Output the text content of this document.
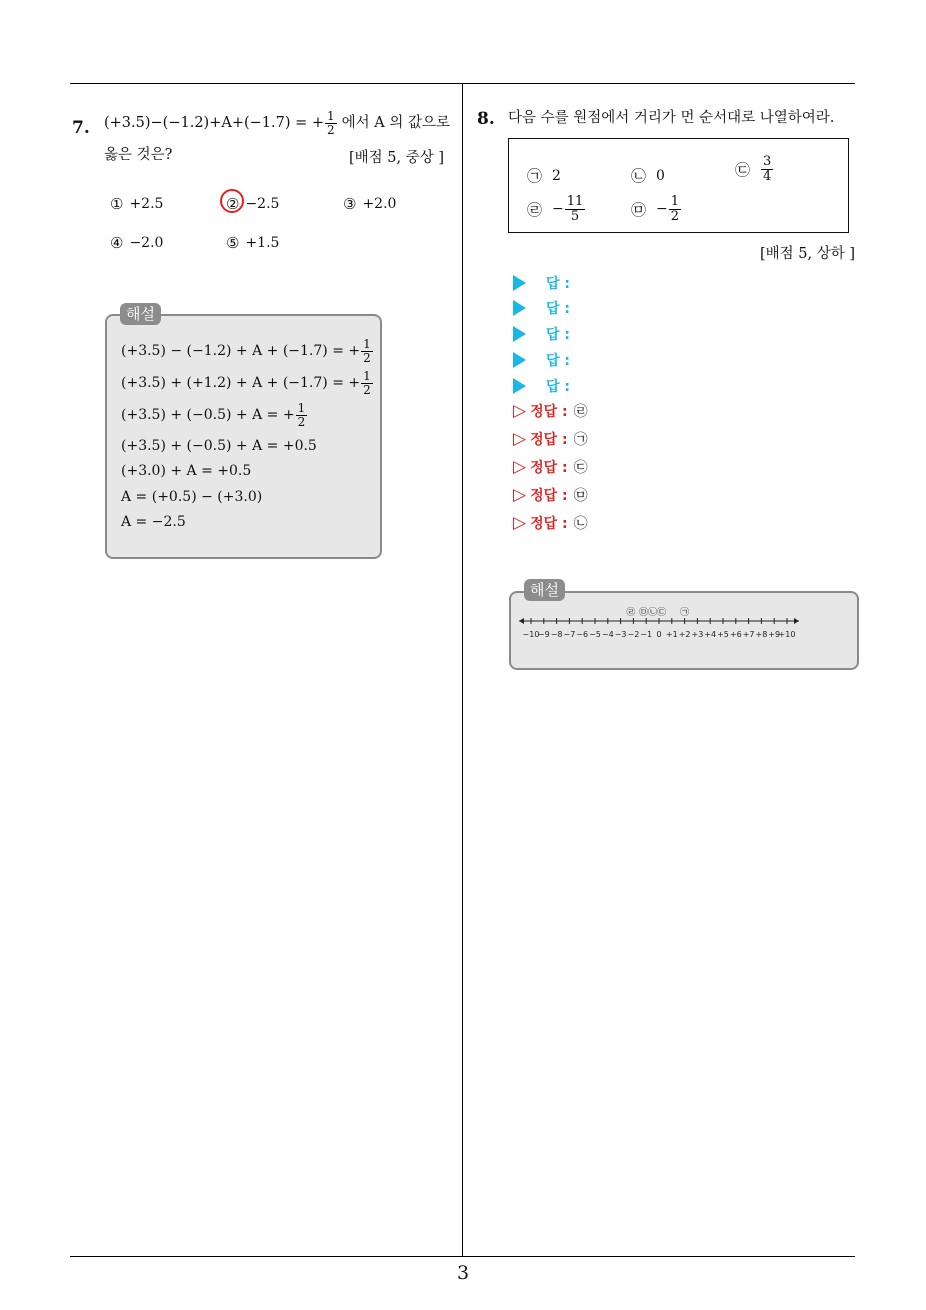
7. (+3.5)−(−1.2)+A+(−1.7) = + $\frac{1}{2}$ 에서 A 의 값으로
옳은 것은?	[배점 5, 중상 ]
① +2.5	② −2.5	③ +2.0
④ −2.0	⑤ +1.5
(+3.5) − (−1.2) + A + (−1.7) = + $\frac{1}{2}$
(+3.5) + (+1.2) + A + (−1.7) = + $\frac{1}{2}$
(+3.5) + (−0.5) + A = + $\frac{1}{2}$
(+3.5) + (−0.5) + A = +0.5
(+3.0) + A = +0.5
A = (+0.5) − (+3.0)
A = −2.5
해설
8. 다음 수를 원점에서 거리가 먼 순서대로 나열하여라.
㉠ 2	㉡ 0	㉢ $\frac{3}{4}$
㉣ − $\frac{11}{5}$	㉤ − $\frac{1}{2}$
[배점 5, 상하 ]
답 :
답 :
답 :
답 :
답 :
▷ 정답 : ㉣
▷ 정답 : ㉠
▷ 정답 : ㉢
▷ 정답 : ㉤
▷ 정답 : ㉡
−10
−9 −8 −7 −6 −5 −4 −3 −2 −1 0 +1 +2 +3 +4 +5 +6 +7 +8 +9
+10
㉣ ㉤㉡㉢ ㉠
해설
3
